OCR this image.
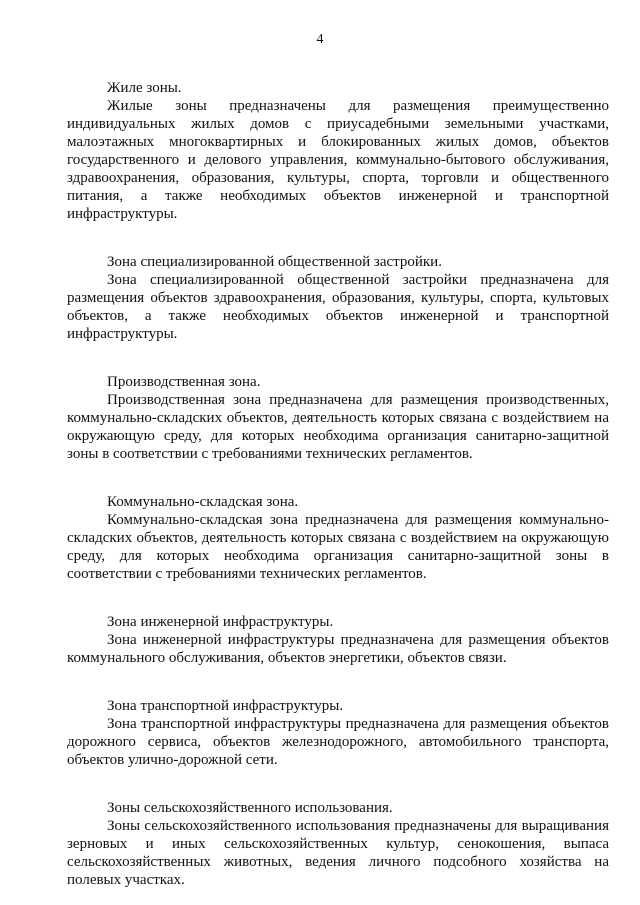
4

Жиле зоны.

Жилые зоны предназначены для размещения преимущественно индивидуальных жилых домов с приусадебными земельными участками, малоэтажных многоквартирных и блокированных жилых домов, объектов государственного и делового управления, коммунально-бытового обслуживания, здравоохранения, образования, культуры, спорта, торговли и общественного питания, а также необходимых объектов инженерной и транспортной инфраструктуры.

Зона специализированной общественной застройки.

Зона специализированной общественной застройки предназначена для размещения объектов здравоохранения, образования, культуры, спорта, культовых объектов, а также необходимых объектов инженерной и транспортной инфраструктуры.

Производственная зона.

Производственная зона предназначена для размещения производственных, коммунально-складских объектов, деятельность которых связана с воздействием на окружающую среду, для которых необходима организация санитарно-защитной зоны в соответствии с требованиями технических регламентов.

Коммунально-складская зона.

Коммунально-складская зона предназначена для размещения коммунально-складских объектов, деятельность которых связана с воздействием на окружающую среду, для которых необходима организация санитарно-защитной зоны в соответствии с требованиями технических регламентов.

Зона инженерной инфраструктуры.

Зона инженерной инфраструктуры предназначена для размещения объектов коммунального обслуживания, объектов энергетики, объектов связи.

Зона транспортной инфраструктуры.

Зона транспортной инфраструктуры предназначена для размещения объектов дорожного сервиса, объектов железнодорожного, автомобильного транспорта, объектов улично-дорожной сети.

Зоны сельскохозяйственного использования.

Зоны сельскохозяйственного использования предназначены для выращивания зерновых и иных сельскохозяйственных культур, сенокошения, выпаса сельскохозяйственных животных, ведения личного подсобного хозяйства на полевых участках.
